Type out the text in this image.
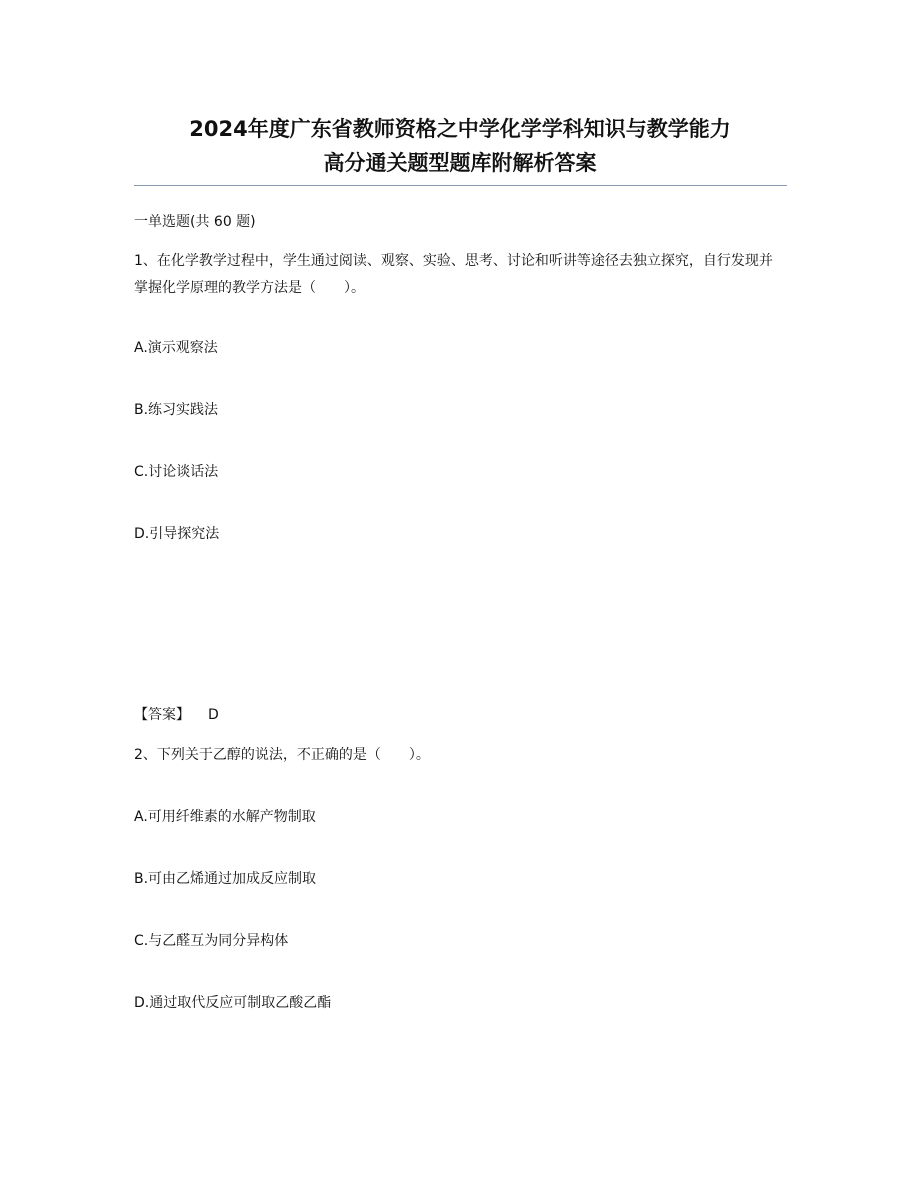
2024年度广东省教师资格之中学化学学科知识与教学能力
高分通关题型题库附解析答案
一单选题(共 60 题)
1、在化学教学过程中，学生通过阅读、观察、实验、思考、讨论和听讲等途径去独立探究，自行发现并掌握化学原理的教学方法是（　　）。
A.演示观察法
B.练习实践法
C.讨论谈话法
D.引导探究法
【答案】 D
2、下列关于乙醇的说法，不正确的是（　　）。
A.可用纤维素的水解产物制取
B.可由乙烯通过加成反应制取
C.与乙醛互为同分异构体
D.通过取代反应可制取乙酸乙酯
